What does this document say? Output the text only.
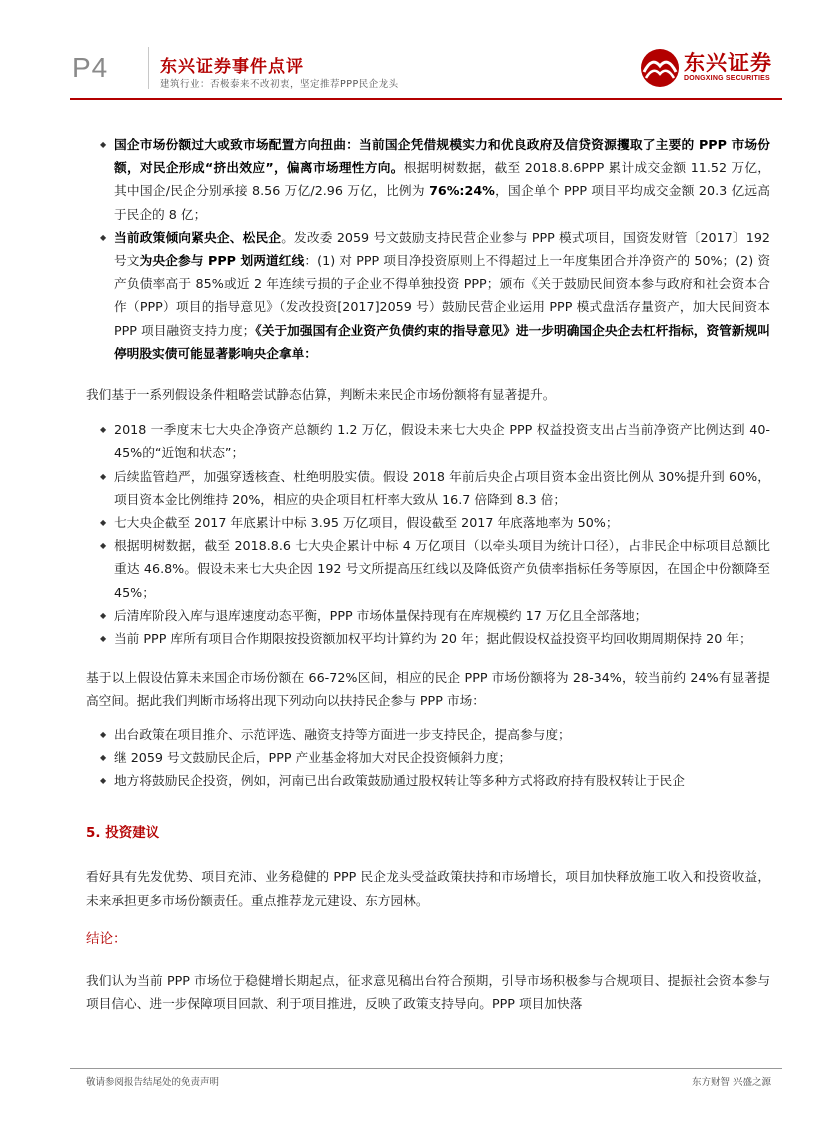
P4	东兴证券事件点评
建筑行业：否极泰来不改初衷，坚定推荐PPP民企龙头
东兴证券
DONGXING SECURITIES
◆ 国企市场份额过大或致市场配置方向扭曲：当前国企凭借规模实力和优良政府及信贷资源攫取了主要的 PPP 市场份额，对民企形成“挤出效应”，偏离市场理性方向。根据明树数据，截至 2018.8.6PPP 累计成交金额 11.52 万亿，其中国企/民企分别承接 8.56 万亿/2.96 万亿，比例为 76%:24%，国企单个 PPP 项目平均成交金额 20.3 亿远高于民企的 8 亿；
◆ 当前政策倾向紧央企、松民企。发改委 2059 号文鼓励支持民营企业参与 PPP 模式项目，国资发财管〔2017〕192 号文为央企参与 PPP 划两道红线：(1) 对 PPP 项目净投资原则上不得超过上一年度集团合并净资产的 50%；(2) 资产负债率高于 85%或近 2 年连续亏损的子企业不得单独投资 PPP；颁布《关于鼓励民间资本参与政府和社会资本合作（PPP）项目的指导意见》（发改投资[2017]2059 号）鼓励民营企业运用 PPP 模式盘活存量资产，加大民间资本 PPP 项目融资支持力度；《关于加强国有企业资产负债约束的指导意见》进一步明确国企央企去杠杆指标，资管新规叫停明股实债可能显著影响央企拿单：

我们基于一系列假设条件粗略尝试静态估算，判断未来民企市场份额将有显著提升。

◆ 2018 一季度末七大央企净资产总额约 1.2 万亿，假设未来七大央企 PPP 权益投资支出占当前净资产比例达到 40-45%的“近饱和状态”；
◆ 后续监管趋严，加强穿透核查、杜绝明股实债。假设 2018 年前后央企占项目资本金出资比例从 30%提升到 60%，项目资本金比例维持 20%，相应的央企项目杠杆率大致从 16.7 倍降到 8.3 倍；
◆ 七大央企截至 2017 年底累计中标 3.95 万亿项目，假设截至 2017 年底落地率为 50%；
◆ 根据明树数据，截至 2018.8.6 七大央企累计中标 4 万亿项目（以牵头项目为统计口径），占非民企中标项目总额比重达 46.8%。假设未来七大央企因 192 号文所提高压红线以及降低资产负债率指标任务等原因，在国企中份额降至 45%；
◆ 后清库阶段入库与退库速度动态平衡，PPP 市场体量保持现有在库规模约 17 万亿且全部落地；
◆ 当前 PPP 库所有项目合作期限按投资额加权平均计算约为 20 年；据此假设权益投资平均回收期周期保持 20 年；

基于以上假设估算未来国企市场份额在 66-72%区间，相应的民企 PPP 市场份额将为 28-34%，较当前约 24%有显著提高空间。据此我们判断市场将出现下列动向以扶持民企参与 PPP 市场：

◆ 出台政策在项目推介、示范评选、融资支持等方面进一步支持民企，提高参与度；
◆ 继 2059 号文鼓励民企后，PPP 产业基金将加大对民企投资倾斜力度；
◆ 地方将鼓励民企投资，例如，河南已出台政策鼓励通过股权转让等多种方式将政府持有股权转让于民企

5. 投资建议

看好具有先发优势、项目充沛、业务稳健的 PPP 民企龙头受益政策扶持和市场增长，项目加快释放施工收入和投资收益，未来承担更多市场份额责任。重点推荐龙元建设、东方园林。

结论：

我们认为当前 PPP 市场位于稳健增长期起点，征求意见稿出台符合预期，引导市场积极参与合规项目、提振社会资本参与项目信心、进一步保障项目回款、利于项目推进，反映了政策支持导向。PPP 项目加快落

敬请参阅报告结尾处的免责声明	东方财智 兴盛之源
